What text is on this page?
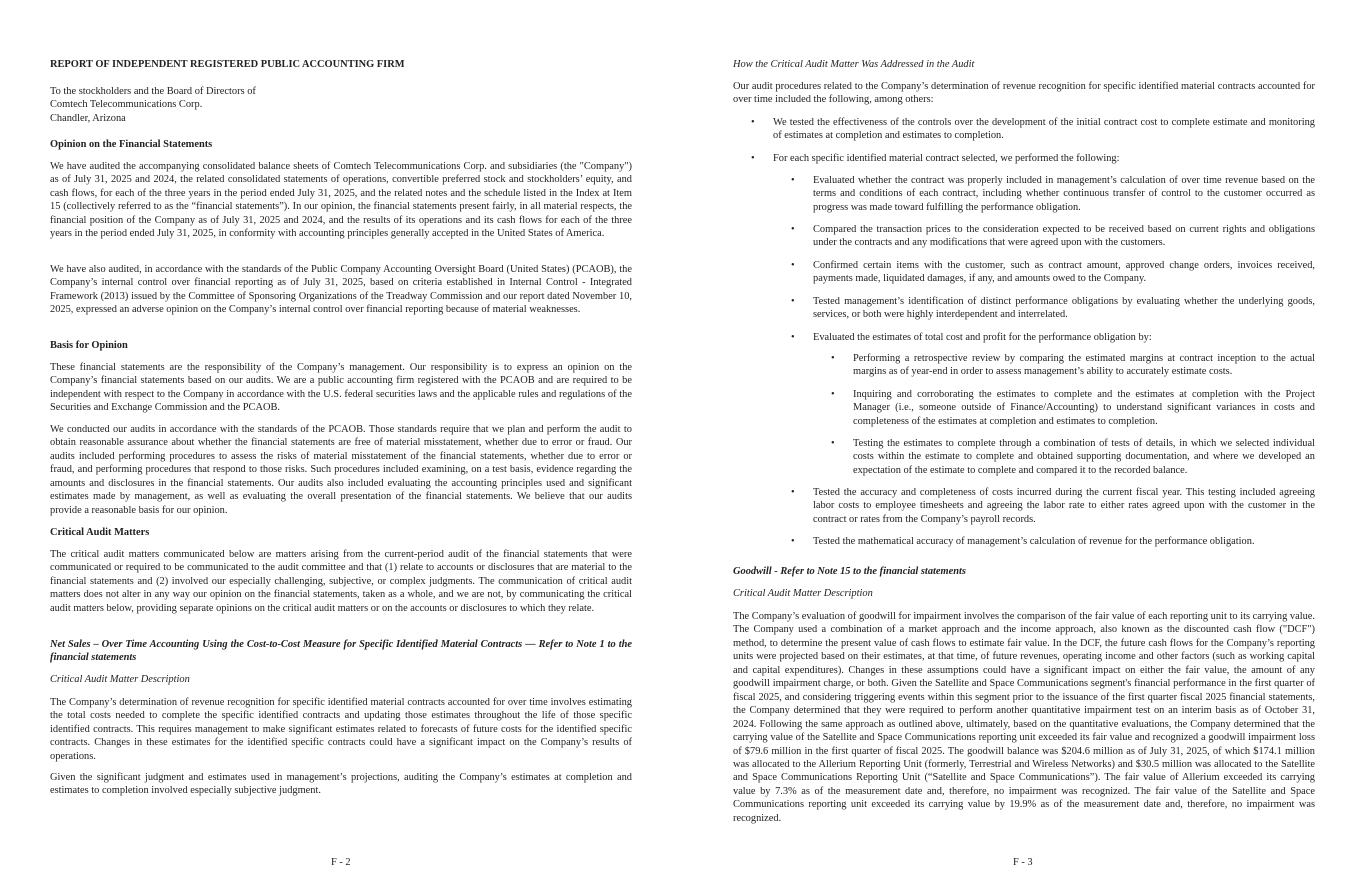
REPORT OF INDEPENDENT REGISTERED PUBLIC ACCOUNTING FIRM

To the stockholders and the Board of Directors of

Comtech Telecommunications Corp.

Chandler, Arizona

Opinion on the Financial Statements

We have audited the accompanying consolidated balance sheets of Comtech Telecommunications Corp. and subsidiaries (the "Company") as of July 31, 2025 and 2024, the related consolidated statements of operations, convertible preferred stock and stockholders’ equity, and cash flows, for each of the three years in the period ended July 31, 2025, and the related notes and the schedule listed in the Index at Item 15 (collectively referred to as the “financial statements”). In our opinion, the financial statements present fairly, in all material respects, the financial position of the Company as of July 31, 2025 and 2024, and the results of its operations and its cash flows for each of the three years in the period ended July 31, 2025, in conformity with accounting principles generally accepted in the United States of America.

We have also audited, in accordance with the standards of the Public Company Accounting Oversight Board (United States) (PCAOB), the Company’s internal control over financial reporting as of July 31, 2025, based on criteria established in Internal Control - Integrated Framework (2013) issued by the Committee of Sponsoring Organizations of the Treadway Commission and our report dated November 10, 2025, expressed an adverse opinion on the Company’s internal control over financial reporting because of material weaknesses.

Basis for Opinion

These financial statements are the responsibility of the Company’s management. Our responsibility is to express an opinion on the Company’s financial statements based on our audits. We are a public accounting firm registered with the PCAOB and are required to be independent with respect to the Company in accordance with the U.S. federal securities laws and the applicable rules and regulations of the Securities and Exchange Commission and the PCAOB.

We conducted our audits in accordance with the standards of the PCAOB. Those standards require that we plan and perform the audit to obtain reasonable assurance about whether the financial statements are free of material misstatement, whether due to error or fraud. Our audits included performing procedures to assess the risks of material misstatement of the financial statements, whether due to error or fraud, and performing procedures that respond to those risks. Such procedures included examining, on a test basis, evidence regarding the amounts and disclosures in the financial statements. Our audits also included evaluating the accounting principles used and significant estimates made by management, as well as evaluating the overall presentation of the financial statements. We believe that our audits provide a reasonable basis for our opinion.

Critical Audit Matters

The critical audit matters communicated below are matters arising from the current-period audit of the financial statements that were communicated or required to be communicated to the audit committee and that (1) relate to accounts or disclosures that are material to the financial statements and (2) involved our especially challenging, subjective, or complex judgments. The communication of critical audit matters does not alter in any way our opinion on the financial statements, taken as a whole, and we are not, by communicating the critical audit matters below, providing separate opinions on the critical audit matters or on the accounts or disclosures to which they relate.

Net Sales – Over Time Accounting Using the Cost-to-Cost Measure for Specific Identified Material Contracts — Refer to Note 1 to the financial statements

Critical Audit Matter Description

The Company’s determination of revenue recognition for specific identified material contracts accounted for over time involves estimating the total costs needed to complete the specific identified contracts and updating those estimates throughout the life of those specific identified contracts. This requires management to make significant estimates related to forecasts of future costs for the identified specific contracts. Changes in these estimates for the identified specific contracts could have a significant impact on the Company’s results of operations.

Given the significant judgment and estimates used in management’s projections, auditing the Company’s estimates at completion and estimates to completion involved especially subjective judgment.

F - 2

How the Critical Audit Matter Was Addressed in the Audit

Our audit procedures related to the Company’s determination of revenue recognition for specific identified material contracts accounted for over time included the following, among others:

• We tested the effectiveness of the controls over the development of the initial contract cost to complete estimate and monitoring of estimates at completion and estimates to completion.

• For each specific identified material contract selected, we performed the following:

• Evaluated whether the contract was properly included in management’s calculation of over time revenue based on the terms and conditions of each contract, including whether continuous transfer of control to the customer occurred as progress was made toward fulfilling the performance obligation.

• Compared the transaction prices to the consideration expected to be received based on current rights and obligations under the contracts and any modifications that were agreed upon with the customers.

• Confirmed certain items with the customer, such as contract amount, approved change orders, invoices received, payments made, liquidated damages, if any, and amounts owed to the Company.

• Tested management’s identification of distinct performance obligations by evaluating whether the underlying goods, services, or both were highly interdependent and interrelated.

• Evaluated the estimates of total cost and profit for the performance obligation by:

• Performing a retrospective review by comparing the estimated margins at contract inception to the actual margins as of year-end in order to assess management’s ability to accurately estimate costs.

• Inquiring and corroborating the estimates to complete and the estimates at completion with the Project Manager (i.e., someone outside of Finance/Accounting) to understand significant variances in costs and completeness of the estimates at completion and estimates to completion.

• Testing the estimates to complete through a combination of tests of details, in which we selected individual costs within the estimate to complete and obtained supporting documentation, and where we developed an expectation of the estimate to complete and compared it to the recorded balance.

• Tested the accuracy and completeness of costs incurred during the current fiscal year. This testing included agreeing labor costs to employee timesheets and agreeing the labor rate to either rates agreed upon with the customer in the contract or rates from the Company’s payroll records.

• Tested the mathematical accuracy of management’s calculation of revenue for the performance obligation.

Goodwill - Refer to Note 15 to the financial statements

Critical Audit Matter Description

The Company’s evaluation of goodwill for impairment involves the comparison of the fair value of each reporting unit to its carrying value. The Company used a combination of a market approach and the income approach, also known as the discounted cash flow ("DCF") method, to determine the present value of cash flows to estimate fair value. In the DCF, the future cash flows for the Company’s reporting units were projected based on their estimates, at that time, of future revenues, operating income and other factors (such as working capital and capital expenditures). Changes in these assumptions could have a significant impact on either the fair value, the amount of any goodwill impairment charge, or both. Given the Satellite and Space Communications segment's financial performance in the first quarter of fiscal 2025, and considering triggering events within this segment prior to the issuance of the first quarter fiscal 2025 financial statements, the Company determined that they were required to perform another quantitative impairment test on an interim basis as of October 31, 2024. Following the same approach as outlined above, ultimately, based on the quantitative evaluations, the Company determined that the carrying value of the Satellite and Space Communications reporting unit exceeded its fair value and recognized a goodwill impairment loss of $79.6 million in the first quarter of fiscal 2025. The goodwill balance was $204.6 million as of July 31, 2025, of which $174.1 million was allocated to the Allerium Reporting Unit (formerly, Terrestrial and Wireless Networks) and $30.5 million was allocated to the Satellite and Space Communications Reporting Unit (“Satellite and Space Communications”). The fair value of Allerium exceeded its carrying value by 7.3% as of the measurement date and, therefore, no impairment was recognized. The fair value of the Satellite and Space Communications reporting unit exceeded its carrying value by 19.9% as of the measurement date and, therefore, no impairment was recognized.

F - 3
